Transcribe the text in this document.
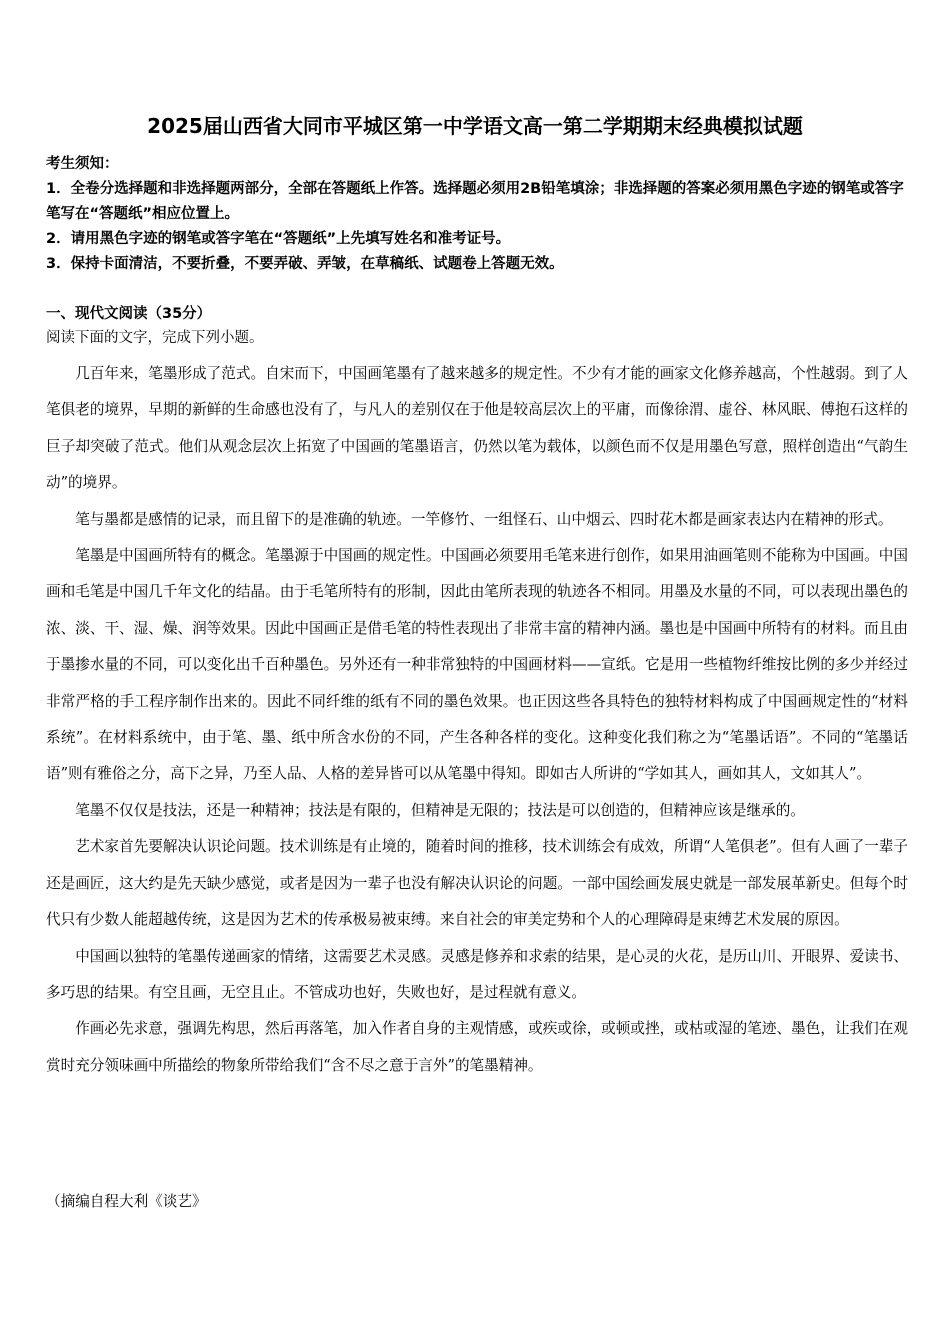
2025届山西省大同市平城区第一中学语文高一第二学期期末经典模拟试题
考生须知：
1．全卷分选择题和非选择题两部分，全部在答题纸上作答。选择题必须用2B铅笔填涂；非选择题的答案必须用黑色字迹的钢笔或答字笔写在“答题纸”相应位置上。
2．请用黑色字迹的钢笔或答字笔在“答题纸”上先填写姓名和准考证号。
3．保持卡面清洁，不要折叠，不要弄破、弄皱，在草稿纸、试题卷上答题无效。
一、现代文阅读（35分）
阅读下面的文字，完成下列小题。

几百年来，笔墨形成了范式。自宋而下，中国画笔墨有了越来越多的规定性。不少有才能的画家文化修养越高，个性越弱。到了人笔俱老的境界，早期的新鲜的生命感也没有了，与凡人的差别仅在于他是较高层次上的平庸，而像徐渭、虚谷、林风眠、傅抱石这样的巨子却突破了范式。他们从观念层次上拓宽了中国画的笔墨语言，仍然以笔为载体，以颜色而不仅是用墨色写意，照样创造出“气韵生动”的境界。

笔与墨都是感情的记录，而且留下的是准确的轨迹。一竿修竹、一组怪石、山中烟云、四时花木都是画家表达内在精神的形式。

笔墨是中国画所特有的概念。笔墨源于中国画的规定性。中国画必须要用毛笔来进行创作，如果用油画笔则不能称为中国画。中国画和毛笔是中国几千年文化的结晶。由于毛笔所特有的形制，因此由笔所表现的轨迹各不相同。用墨及水量的不同，可以表现出墨色的浓、淡、干、湿、燥、润等效果。因此中国画正是借毛笔的特性表现出了非常丰富的精神内涵。墨也是中国画中所特有的材料。而且由于墨掺水量的不同，可以变化出千百种墨色。另外还有一种非常独特的中国画材料——宣纸。它是用一些植物纤维按比例的多少并经过非常严格的手工程序制作出来的。因此不同纤维的纸有不同的墨色效果。也正因这些各具特色的独特材料构成了中国画规定性的“材料系统”。在材料系统中，由于笔、墨、纸中所含水份的不同，产生各种各样的变化。这种变化我们称之为“笔墨话语”。不同的“笔墨话语”则有雅俗之分，高下之异，乃至人品、人格的差异皆可以从笔墨中得知。即如古人所讲的“学如其人，画如其人，文如其人”。

笔墨不仅仅是技法，还是一种精神；技法是有限的，但精神是无限的；技法是可以创造的，但精神应该是继承的。

艺术家首先要解决认识论问题。技术训练是有止境的，随着时间的推移，技术训练会有成效，所谓“人笔俱老”。但有人画了一辈子还是画匠，这大约是先天缺少感觉，或者是因为一辈子也没有解决认识论的问题。一部中国绘画发展史就是一部发展革新史。但每个时代只有少数人能超越传统，这是因为艺术的传承极易被束缚。来自社会的审美定势和个人的心理障碍是束缚艺术发展的原因。

中国画以独特的笔墨传递画家的情绪，这需要艺术灵感。灵感是修养和求索的结果，是心灵的火花，是历山川、开眼界、爱读书、多巧思的结果。有空且画，无空且止。不管成功也好，失败也好，是过程就有意义。

作画必先求意，强调先构思，然后再落笔，加入作者自身的主观情感，或疾或徐，或顿或挫，或枯或湿的笔迹、墨色，让我们在观赏时充分领味画中所描绘的物象所带给我们“含不尽之意于言外”的笔墨精神。

（摘编自程大利《谈艺》
